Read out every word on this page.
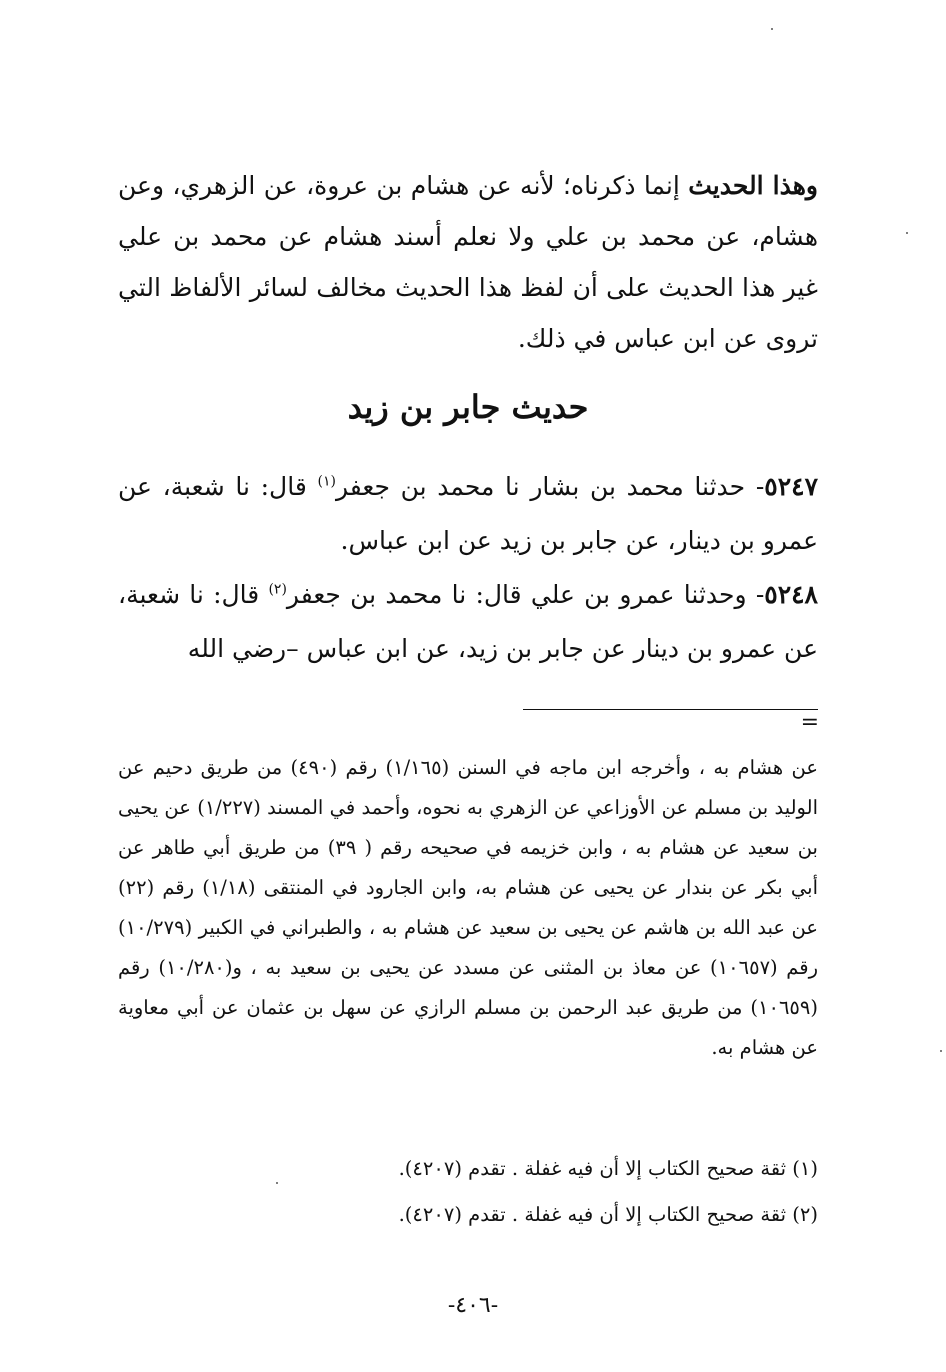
وهذا الحديث إنما ذكرناه؛ لأنه عن هشام بن عروة، عن الزهري، وعن هشام، عن محمد بن علي ولا نعلم أسند هشام عن محمد بن علي غير هذا الحديث على أن لفظ هذا الحديث مخالف لسائر الألفاظ التي تروى عن ابن عباس في ذلك.

حديث جابر بن زيد

٥٢٤٧- حدثنا محمد بن بشار نا محمد بن جعفر$^{(١)}$ قال: نا شعبة، عن عمرو بن دينار، عن جابر بن زيد عن ابن عباس.

٥٢٤٨- وحدثنا عمرو بن علي قال: نا محمد بن جعفر$^{(٢)}$ قال: نا شعبة، عن عمرو بن دينار عن جابر بن زيد، عن ابن عباس –رضي الله

=

عن هشام به ، وأخرجه ابن ماجه في السنن (١/١٦٥) رقم (٤٩٠) من طريق دحيم عن الوليد بن مسلم عن الأوزاعي عن الزهري به نحوه، وأحمد في المسند (١/٢٢٧) عن يحيى بن سعيد عن هشام به ، وابن خزيمه في صحيحه رقم ( ٣٩) من طريق أبي طاهر عن أبي بكر عن بندار عن يحيى عن هشام به، وابن الجارود في المنتقى (١/١٨) رقم (٢٢) عن عبد الله بن هاشم عن يحيى بن سعيد عن هشام به ، والطبراني في الكبير (١٠/٢٧٩) رقم (١٠٦٥٧) عن معاذ بن المثنى عن مسدد عن يحيى بن سعيد به ، و(١٠/٢٨٠) رقم (١٠٦٥٩) من طريق عبد الرحمن بن مسلم الرازي عن سهل بن عثمان عن أبي معاوية عن هشام به.

(١) ثقة صحيح الكتاب إلا أن فيه غفلة . تقدم (٤٢٠٧).
(٢) ثقة صحيح الكتاب إلا أن فيه غفلة . تقدم (٤٢٠٧).
-٤٠٦-
